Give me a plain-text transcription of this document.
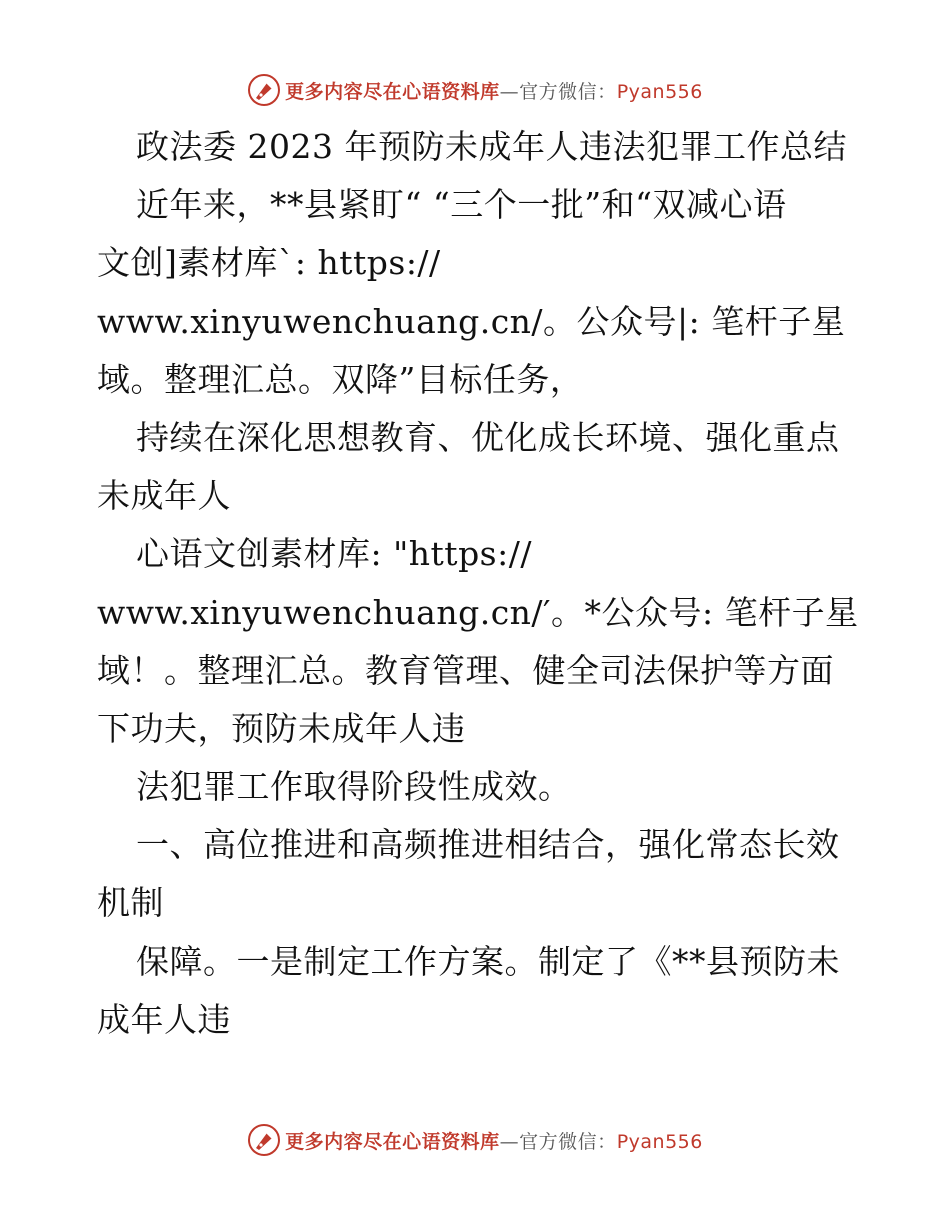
更多内容尽在心语资料库—官方微信：Pyan556
政法委 2023 年预防未成年人违法犯罪工作总结
近年来，**县紧盯“ “三个一批”和“双减心语
文创]素材库`: https://
www.xinyuwenchuang.cn/。公众号|: 笔杆子星
域。整理汇总。双降”目标任务，
持续在深化思想教育、优化成长环境、强化重点
未成年人
心语文创素材库: "https://
www.xinyuwenchuang.cn/′。*公众号: 笔杆子星
域！。整理汇总。教育管理、健全司法保护等方面
下功夫，预防未成年人违
法犯罪工作取得阶段性成效。
一、高位推进和高频推进相结合，强化常态长效
机制
保障。一是制定工作方案。制定了《**县预防未
成年人违
更多内容尽在心语资料库—官方微信：Pyan556
